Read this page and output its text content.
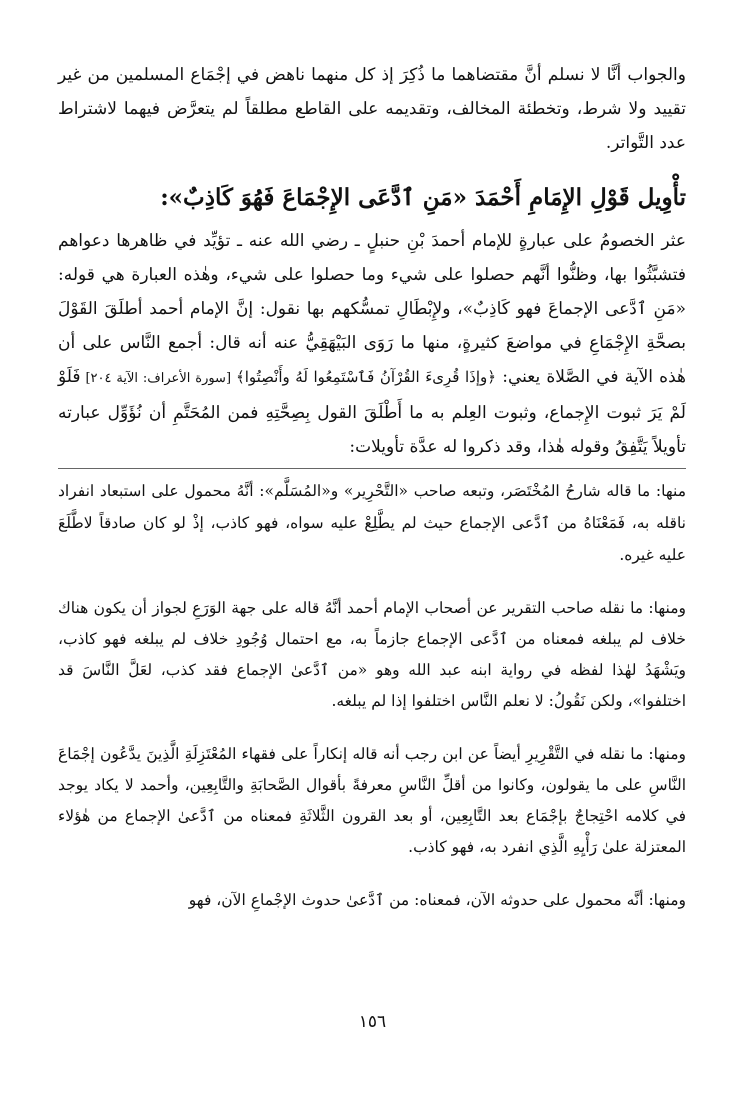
والجواب أنَّا لا نسلم أنَّ مقتضاهما ما ذُكِرَ إذ كل منهما ناهض في إجْمَاع المسلمين من غير تقييد ولا شرط، وتخطئة المخالف، وتقديمه على القاطع مطلقاً لم يتعرَّض فيهما لاشتراط عدد التَّواتر.

تأْوِيل قَوْلِ الإِمَامِ أَحْمَدَ «مَنِ ٱدَّعَى الإِجْمَاعَ فَهُوَ كَاذِبٌ»:

عثر الخصومُ على عبارةٍ للإمام أحمدَ بْنِ حنبلٍ ـ رضي الله عنه ـ تؤيِّد في ظاهرها دعواهم فتشبَّثُوا بها، وظنُّوا أنَّهم حصلوا على شيء وما حصلوا على شيء، وهٰذه العبارة هي قوله: «مَنِ ٱدَّعى الإجماعَ فهو كَاذِبٌ»، ولإِبْطَالِ تمسُّكهم بها نقول: إنَّ الإمام أحمد أطلَقَ القَوْلَ بصحَّةِ الإِجْمَاعِ في مواضعَ كثيرةٍ، منها ما رَوَى البَيْهَقِيُّ عنه أنه قال: أجمع النَّاس على أن هٰذه الآية في الصَّلاة يعني: ﴿وإذَا قُرِىءَ القُرْآنُ فَٱسْتَمِعُوا لَهُ وأَنْصِتُوا﴾ [سورة الأعراف: الآية ٢٠٤] فَلَوْ لَمْ يَرَ ثبوت الإِجماع، وثبوت العِلم به ما أَطْلَقَ القول بِصِحَّتِهِ فمن المُحَتَّمِ أن نُؤَوِّل عبارته تأويلاً يَتَّفِقُ وقوله هٰذا، وقد ذكروا له عدَّة تأويلات:

منها: ما قاله شارحُ المُخْتَصَر، وتبعه صاحب «التَّحْرِير» و«المُسَلَّم»: أنَّهُ محمول على استبعاد انفراد ناقله به، فَمَعْنَاهُ من ٱدَّعى الإجماع حيث لم يطَّلِعْ عليه سواه، فهو كاذب، إذْ لو كان صادقاً لاطَّلَعَ عليه غيره.

ومنها: ما نقله صاحب التقرير عن أصحاب الإمام أحمد أنَّهُ قاله على جهة الوَرَعِ لجواز أن يكون هناك خلاف لم يبلغه فمعناه من ٱدَّعى الإجماع جازماً به، مع احتمال وُجُودِ خلاف لم يبلغه فهو كاذب، ويَشْهَدُ لهٰذا لفظه في رواية ابنه عبد الله وهو «من ٱدَّعىٰ الإجماع فقد كذب، لعَلَّ النَّاسَ قد اختلفوا»، ولكن نَقُولُ: لا نعلم النَّاس اختلفوا إذا لم يبلغه.

ومنها: ما نقله في التَّقْرِيرِ أيضاً عن ابن رجب أنه قاله إنكاراً على فقهاء المُعْتَزِلَةِ الَّذِينَ يدَّعُون إجْمَاعَ النَّاسِ على ما يقولون، وكانوا من أقلِّ النَّاسِ معرفةً بأقوال الصَّحابَةِ والتَّابِعِين، وأحمد لا يكاد يوجد في كلامه احْتِجاجٌ بإجْمَاع بعد التَّابِعِين، أو بعد القرون الثَّلاثَةِ فمعناه من ٱدَّعىٰ الإجماع من هٰؤلاء المعتزلة علىٰ رَأْيِهِ الَّذِي انفرد به، فهو كاذب.

ومنها: أنَّه محمول على حدوثه الآن، فمعناه: من ٱدَّعىٰ حدوث الإجْماعِ الآن، فهو

١٥٦
